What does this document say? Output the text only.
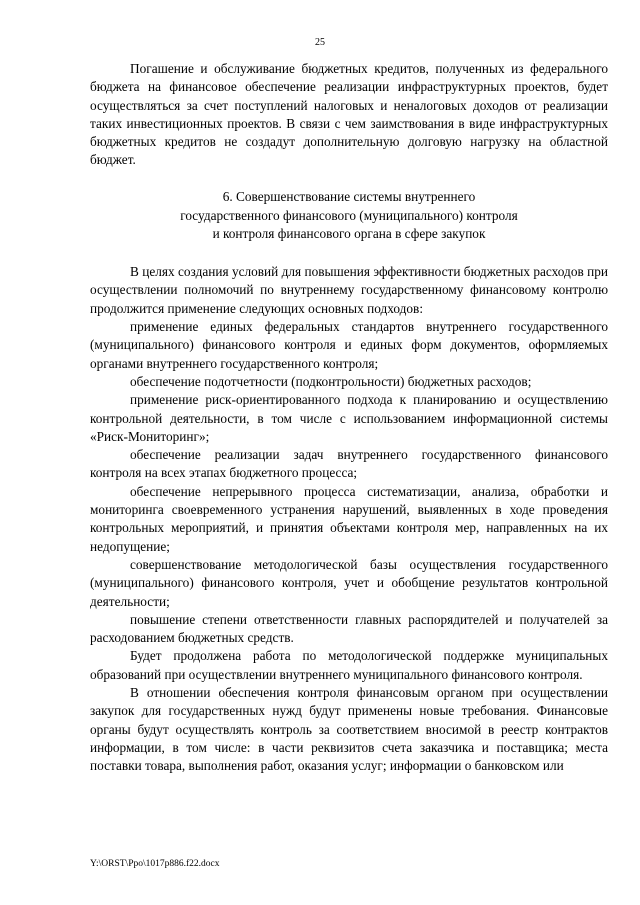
25

Погашение и обслуживание бюджетных кредитов, полученных из федерального бюджета на финансовое обеспечение реализации инфраструктурных проектов, будет осуществляться за счет поступлений налоговых и неналоговых доходов от реализации таких инвестиционных проектов. В связи с чем заимствования в виде инфраструктурных бюджетных кредитов не создадут дополнительную долговую нагрузку на областной бюджет.

6. Совершенствование системы внутреннего
государственного финансового (муниципального) контроля
и контроля финансового органа в сфере закупок

В целях создания условий для повышения эффективности бюджетных расходов при осуществлении полномочий по внутреннему государственному финансовому контролю продолжится применение следующих основных подходов:

применение единых федеральных стандартов внутреннего государственного (муниципального) финансового контроля и единых форм документов, оформляемых органами внутреннего государственного контроля;

обеспечение подотчетности (подконтрольности) бюджетных расходов;

применение риск-ориентированного подхода к планированию и осуществлению контрольной деятельности, в том числе с использованием информационной системы «Риск-Мониторинг»;

обеспечение реализации задач внутреннего государственного финансового контроля на всех этапах бюджетного процесса;

обеспечение непрерывного процесса систематизации, анализа, обработки и мониторинга своевременного устранения нарушений, выявленных в ходе проведения контрольных мероприятий, и принятия объектами контроля мер, направленных на их недопущение;

совершенствование методологической базы осуществления государственного (муниципального) финансового контроля, учет и обобщение результатов контрольной деятельности;

повышение степени ответственности главных распорядителей и получателей за расходованием бюджетных средств.

Будет продолжена работа по методологической поддержке муниципальных образований при осуществлении внутреннего муниципального финансового контроля.

В отношении обеспечения контроля финансовым органом при осуществлении закупок для государственных нужд будут применены новые требования. Финансовые органы будут осуществлять контроль за соответствием вносимой в реестр контрактов информации, в том числе: в части реквизитов счета заказчика и поставщика; места поставки товара, выполнения работ, оказания услуг; информации о банковском или

Y:\ORST\Ppo\1017p886.f22.docx
